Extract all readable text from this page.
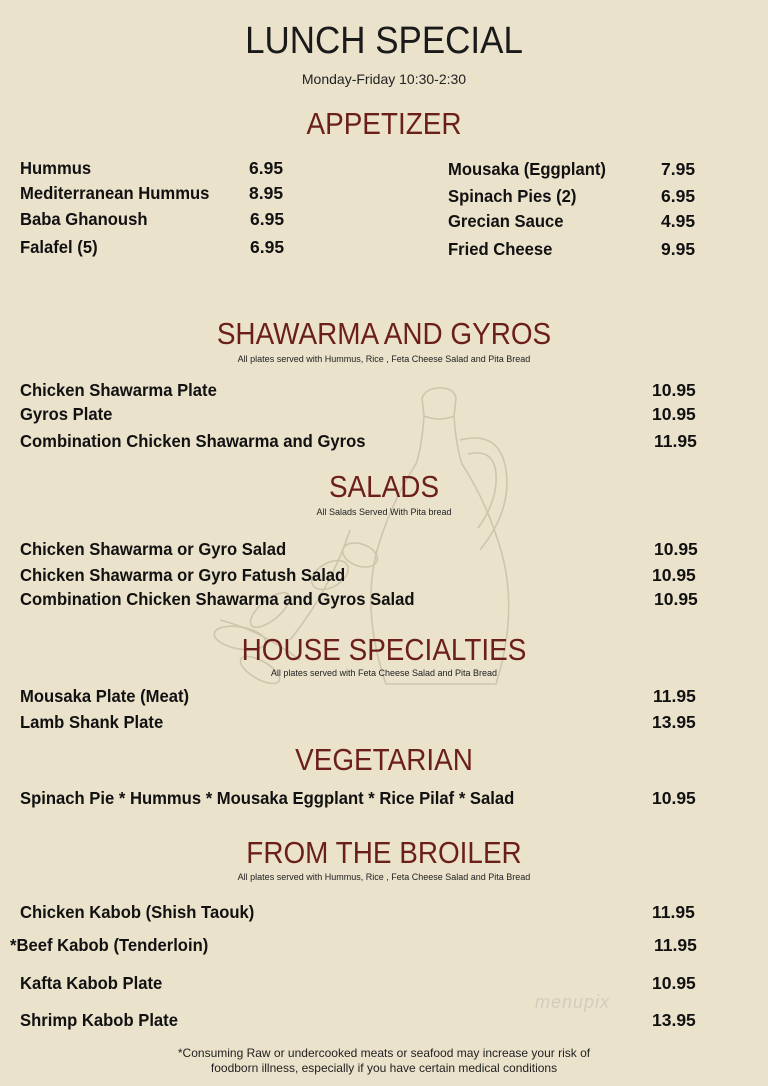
LUNCH SPECIAL
Monday-Friday 10:30-2:30
APPETIZER
Hummus	6.95
Mediterranean Hummus 8.95
Baba Ghanoush	6.95
Falafel (5)	6.95
Mousaka (Eggplant)	7.95
Spinach Pies (2)	6.95
Grecian Sauce	4.95
Fried Cheese	9.95
SHAWARMA AND GYROS
All plates served with Hummus, Rice , Feta Cheese Salad and Pita Bread
Chicken Shawarma Plate	10.95
Gyros Plate	10.95
Combination Chicken Shawarma and Gyros	11.95
SALADS
All Salads Served With Pita bread
Chicken Shawarma or Gyro Salad	10.95
Chicken Shawarma or Gyro Fatush Salad	10.95
Combination Chicken Shawarma and Gyros Salad	10.95
HOUSE SPECIALTIES
All plates served with Feta Cheese Salad and Pita Bread
Mousaka Plate (Meat)	11.95
Lamb Shank Plate	13.95
VEGETARIAN
Spinach Pie * Hummus * Mousaka Eggplant * Rice Pilaf * Salad	10.95
FROM THE BROILER
All plates served with Hummus, Rice , Feta Cheese Salad and Pita Bread
Chicken Kabob (Shish Taouk)	11.95
*Beef Kabob (Tenderloin)	11.95
Kafta Kabob Plate	10.95
Shrimp Kabob Plate	13.95
menupix
*Consuming Raw or undercooked meats or seafood may increase your risk of
foodborn illness, especially if you have certain medical conditions
